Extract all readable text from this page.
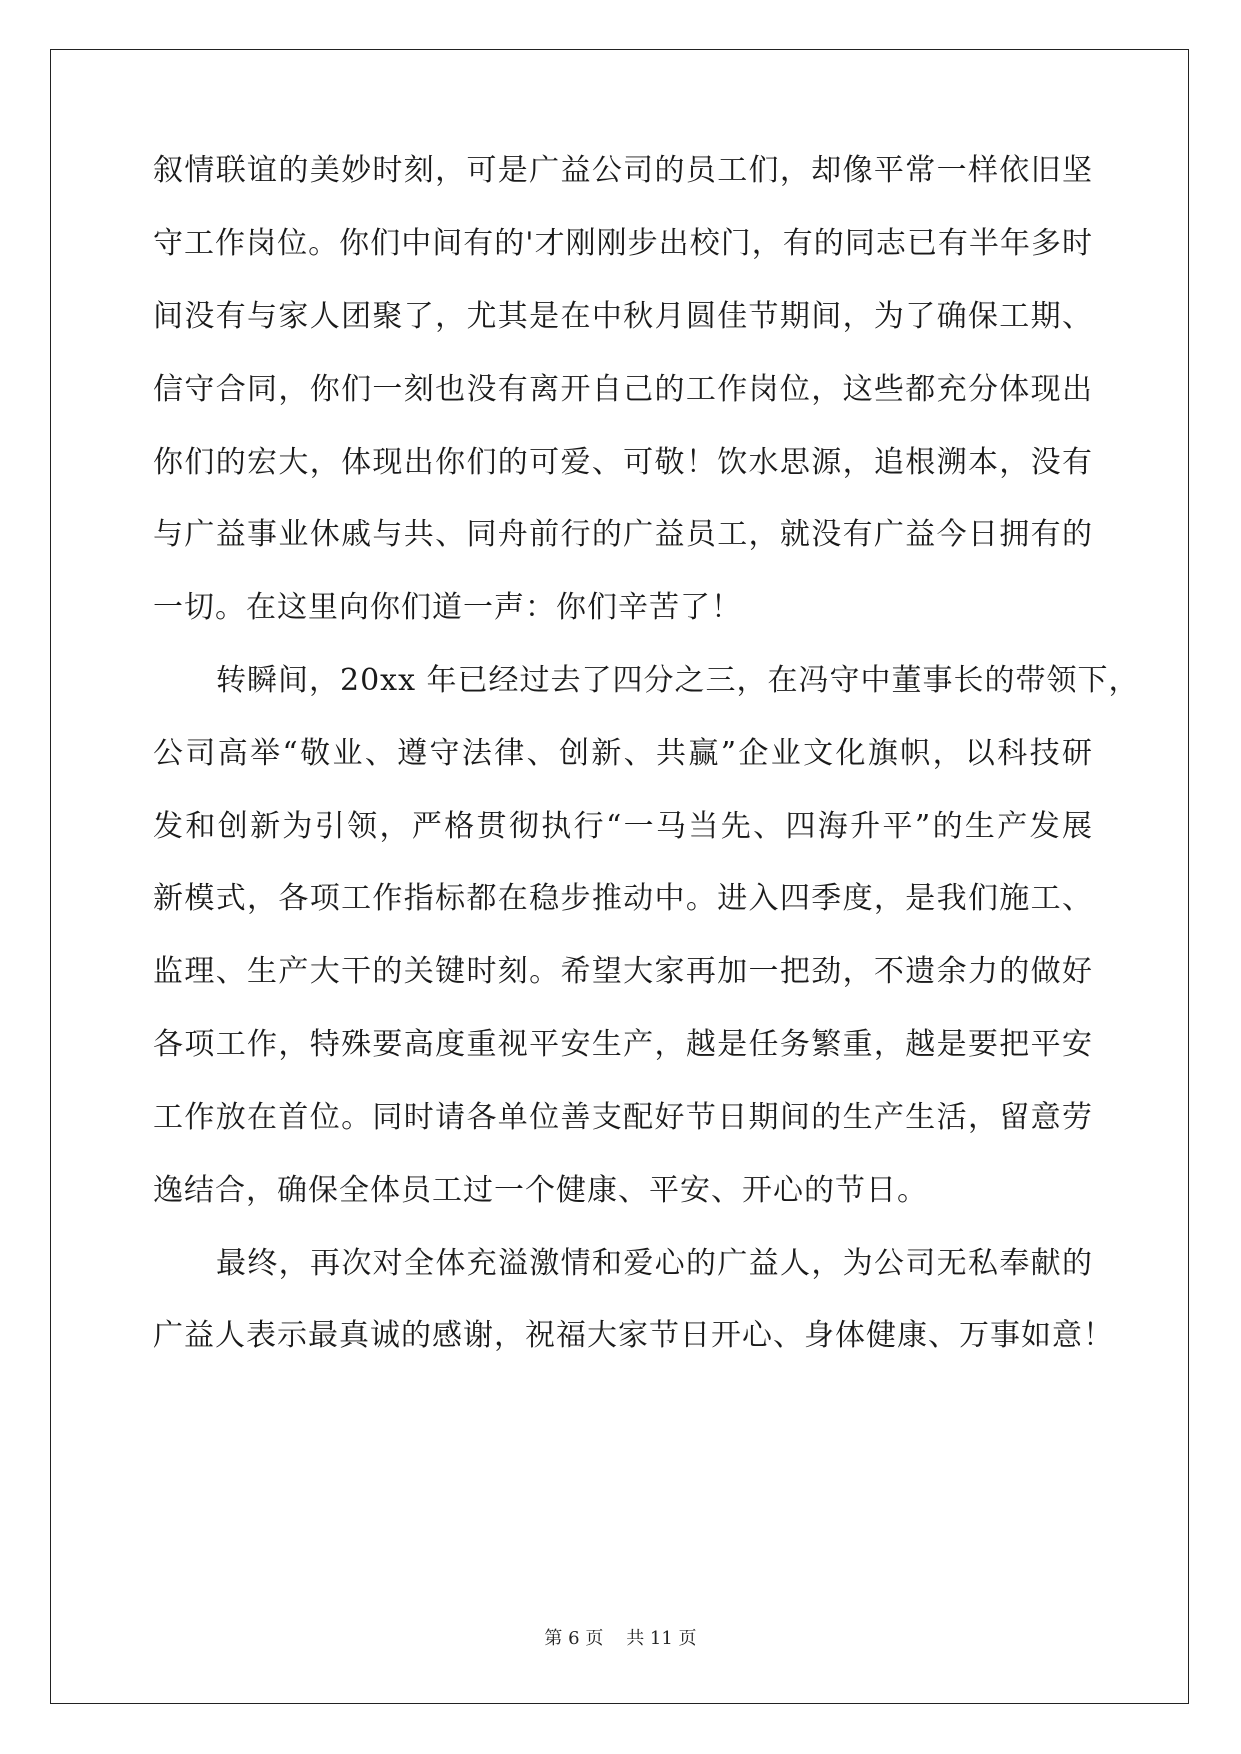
叙情联谊的美妙时刻，可是广益公司的员工们，却像平常一样依旧坚
守工作岗位。你们中间有的'才刚刚步出校门，有的同志已有半年多时
间没有与家人团聚了，尤其是在中秋月圆佳节期间，为了确保工期、
信守合同，你们一刻也没有离开自己的工作岗位，这些都充分体现出
你们的宏大，体现出你们的可爱、可敬！饮水思源，追根溯本，没有
与广益事业休戚与共、同舟前行的广益员工，就没有广益今日拥有的
一切。在这里向你们道一声：你们辛苦了！
转瞬间，20xx 年已经过去了四分之三，在冯守中董事长的带领下，
公司高举“敬业、遵守法律、创新、共赢”企业文化旗帜，以科技研
发和创新为引领，严格贯彻执行“一马当先、四海升平”的生产发展
新模式，各项工作指标都在稳步推动中。进入四季度，是我们施工、
监理、生产大干的关键时刻。希望大家再加一把劲，不遗余力的做好
各项工作，特殊要高度重视平安生产，越是任务繁重，越是要把平安
工作放在首位。同时请各单位善支配好节日期间的生产生活，留意劳
逸结合，确保全体员工过一个健康、平安、开心的节日。
最终，再次对全体充溢激情和爱心的广益人，为公司无私奉献的
广益人表示最真诚的感谢，祝福大家节日开心、身体健康、万事如意！
第 6 页    共 11 页
